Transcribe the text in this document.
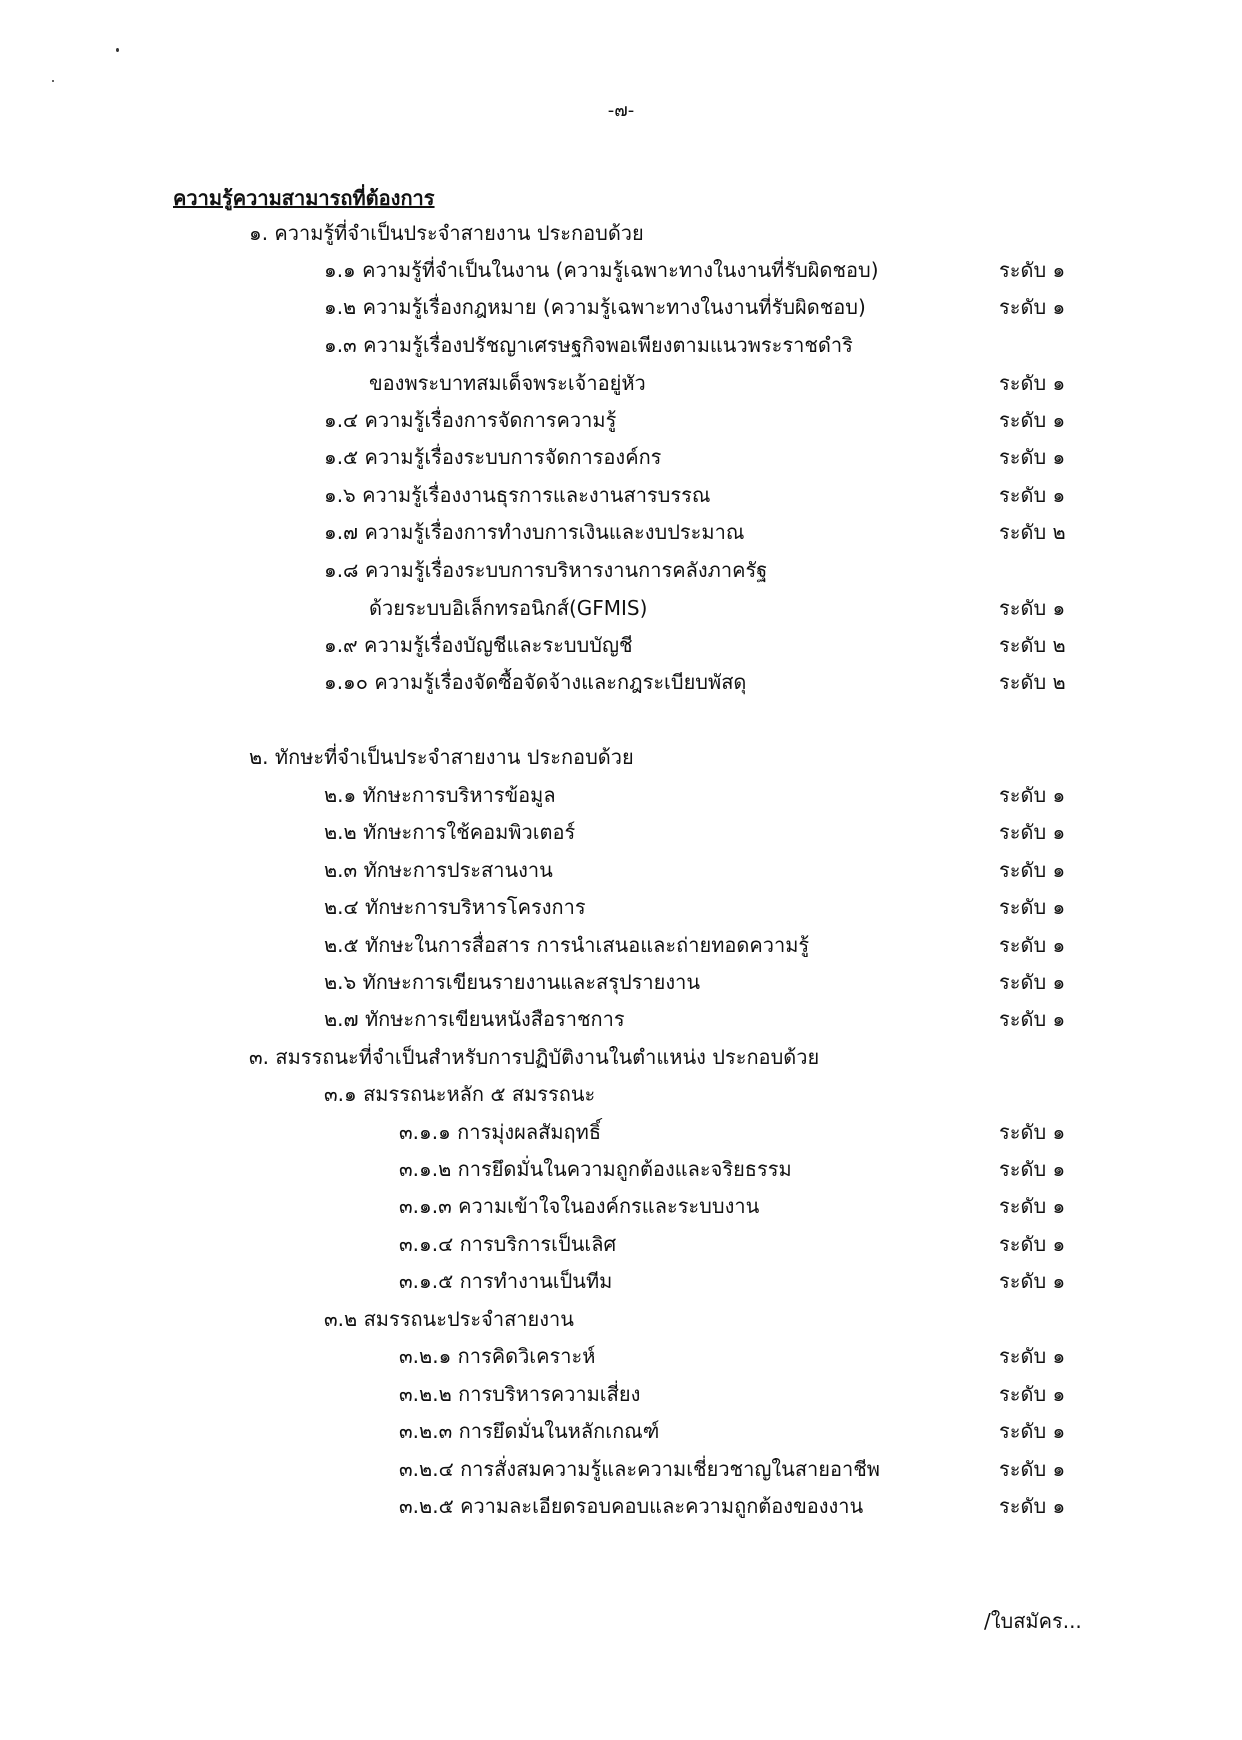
-๗-
ความรู้ความสามารถที่ต้องการ
๑. ความรู้ที่จำเป็นประจำสายงาน ประกอบด้วย
๑.๑ ความรู้ที่จำเป็นในงาน (ความรู้เฉพาะทางในงานที่รับผิดชอบ)	ระดับ ๑
๑.๒ ความรู้เรื่องกฎหมาย (ความรู้เฉพาะทางในงานที่รับผิดชอบ)	ระดับ ๑
๑.๓ ความรู้เรื่องปรัชญาเศรษฐกิจพอเพียงตามแนวพระราชดำริ
ของพระบาทสมเด็จพระเจ้าอยู่หัว	ระดับ ๑
๑.๔ ความรู้เรื่องการจัดการความรู้	ระดับ ๑
๑.๕ ความรู้เรื่องระบบการจัดการองค์กร	ระดับ ๑
๑.๖ ความรู้เรื่องงานธุรการและงานสารบรรณ	ระดับ ๑
๑.๗ ความรู้เรื่องการทำงบการเงินและงบประมาณ	ระดับ ๒
๑.๘ ความรู้เรื่องระบบการบริหารงานการคลังภาครัฐ
ด้วยระบบอิเล็กทรอนิกส์(GFMIS)	ระดับ ๑
๑.๙ ความรู้เรื่องบัญชีและระบบบัญชี	ระดับ ๒
๑.๑๐ ความรู้เรื่องจัดซื้อจัดจ้างและกฎระเบียบพัสดุ	ระดับ ๒
๒. ทักษะที่จำเป็นประจำสายงาน ประกอบด้วย
๒.๑ ทักษะการบริหารข้อมูล	ระดับ ๑
๒.๒ ทักษะการใช้คอมพิวเตอร์	ระดับ ๑
๒.๓ ทักษะการประสานงาน	ระดับ ๑
๒.๔ ทักษะการบริหารโครงการ	ระดับ ๑
๒.๕ ทักษะในการสื่อสาร การนำเสนอและถ่ายทอดความรู้	ระดับ ๑
๒.๖ ทักษะการเขียนรายงานและสรุปรายงาน	ระดับ ๑
๒.๗ ทักษะการเขียนหนังสือราชการ	ระดับ ๑
๓. สมรรถนะที่จำเป็นสำหรับการปฏิบัติงานในตำแหน่ง ประกอบด้วย
๓.๑ สมรรถนะหลัก ๕ สมรรถนะ
๓.๑.๑ การมุ่งผลสัมฤทธิ์	ระดับ ๑
๓.๑.๒ การยึดมั่นในความถูกต้องและจริยธรรม	ระดับ ๑
๓.๑.๓ ความเข้าใจในองค์กรและระบบงาน	ระดับ ๑
๓.๑.๔ การบริการเป็นเลิศ	ระดับ ๑
๓.๑.๕ การทำงานเป็นทีม	ระดับ ๑
๓.๒ สมรรถนะประจำสายงาน
๓.๒.๑ การคิดวิเคราะห์	ระดับ ๑
๓.๒.๒ การบริหารความเสี่ยง	ระดับ ๑
๓.๒.๓ การยึดมั่นในหลักเกณฑ์	ระดับ ๑
๓.๒.๔ การสั่งสมความรู้และความเชี่ยวชาญในสายอาชีพ	ระดับ ๑
๓.๒.๕ ความละเอียดรอบคอบและความถูกต้องของงาน	ระดับ ๑
/ใบสมัคร...
